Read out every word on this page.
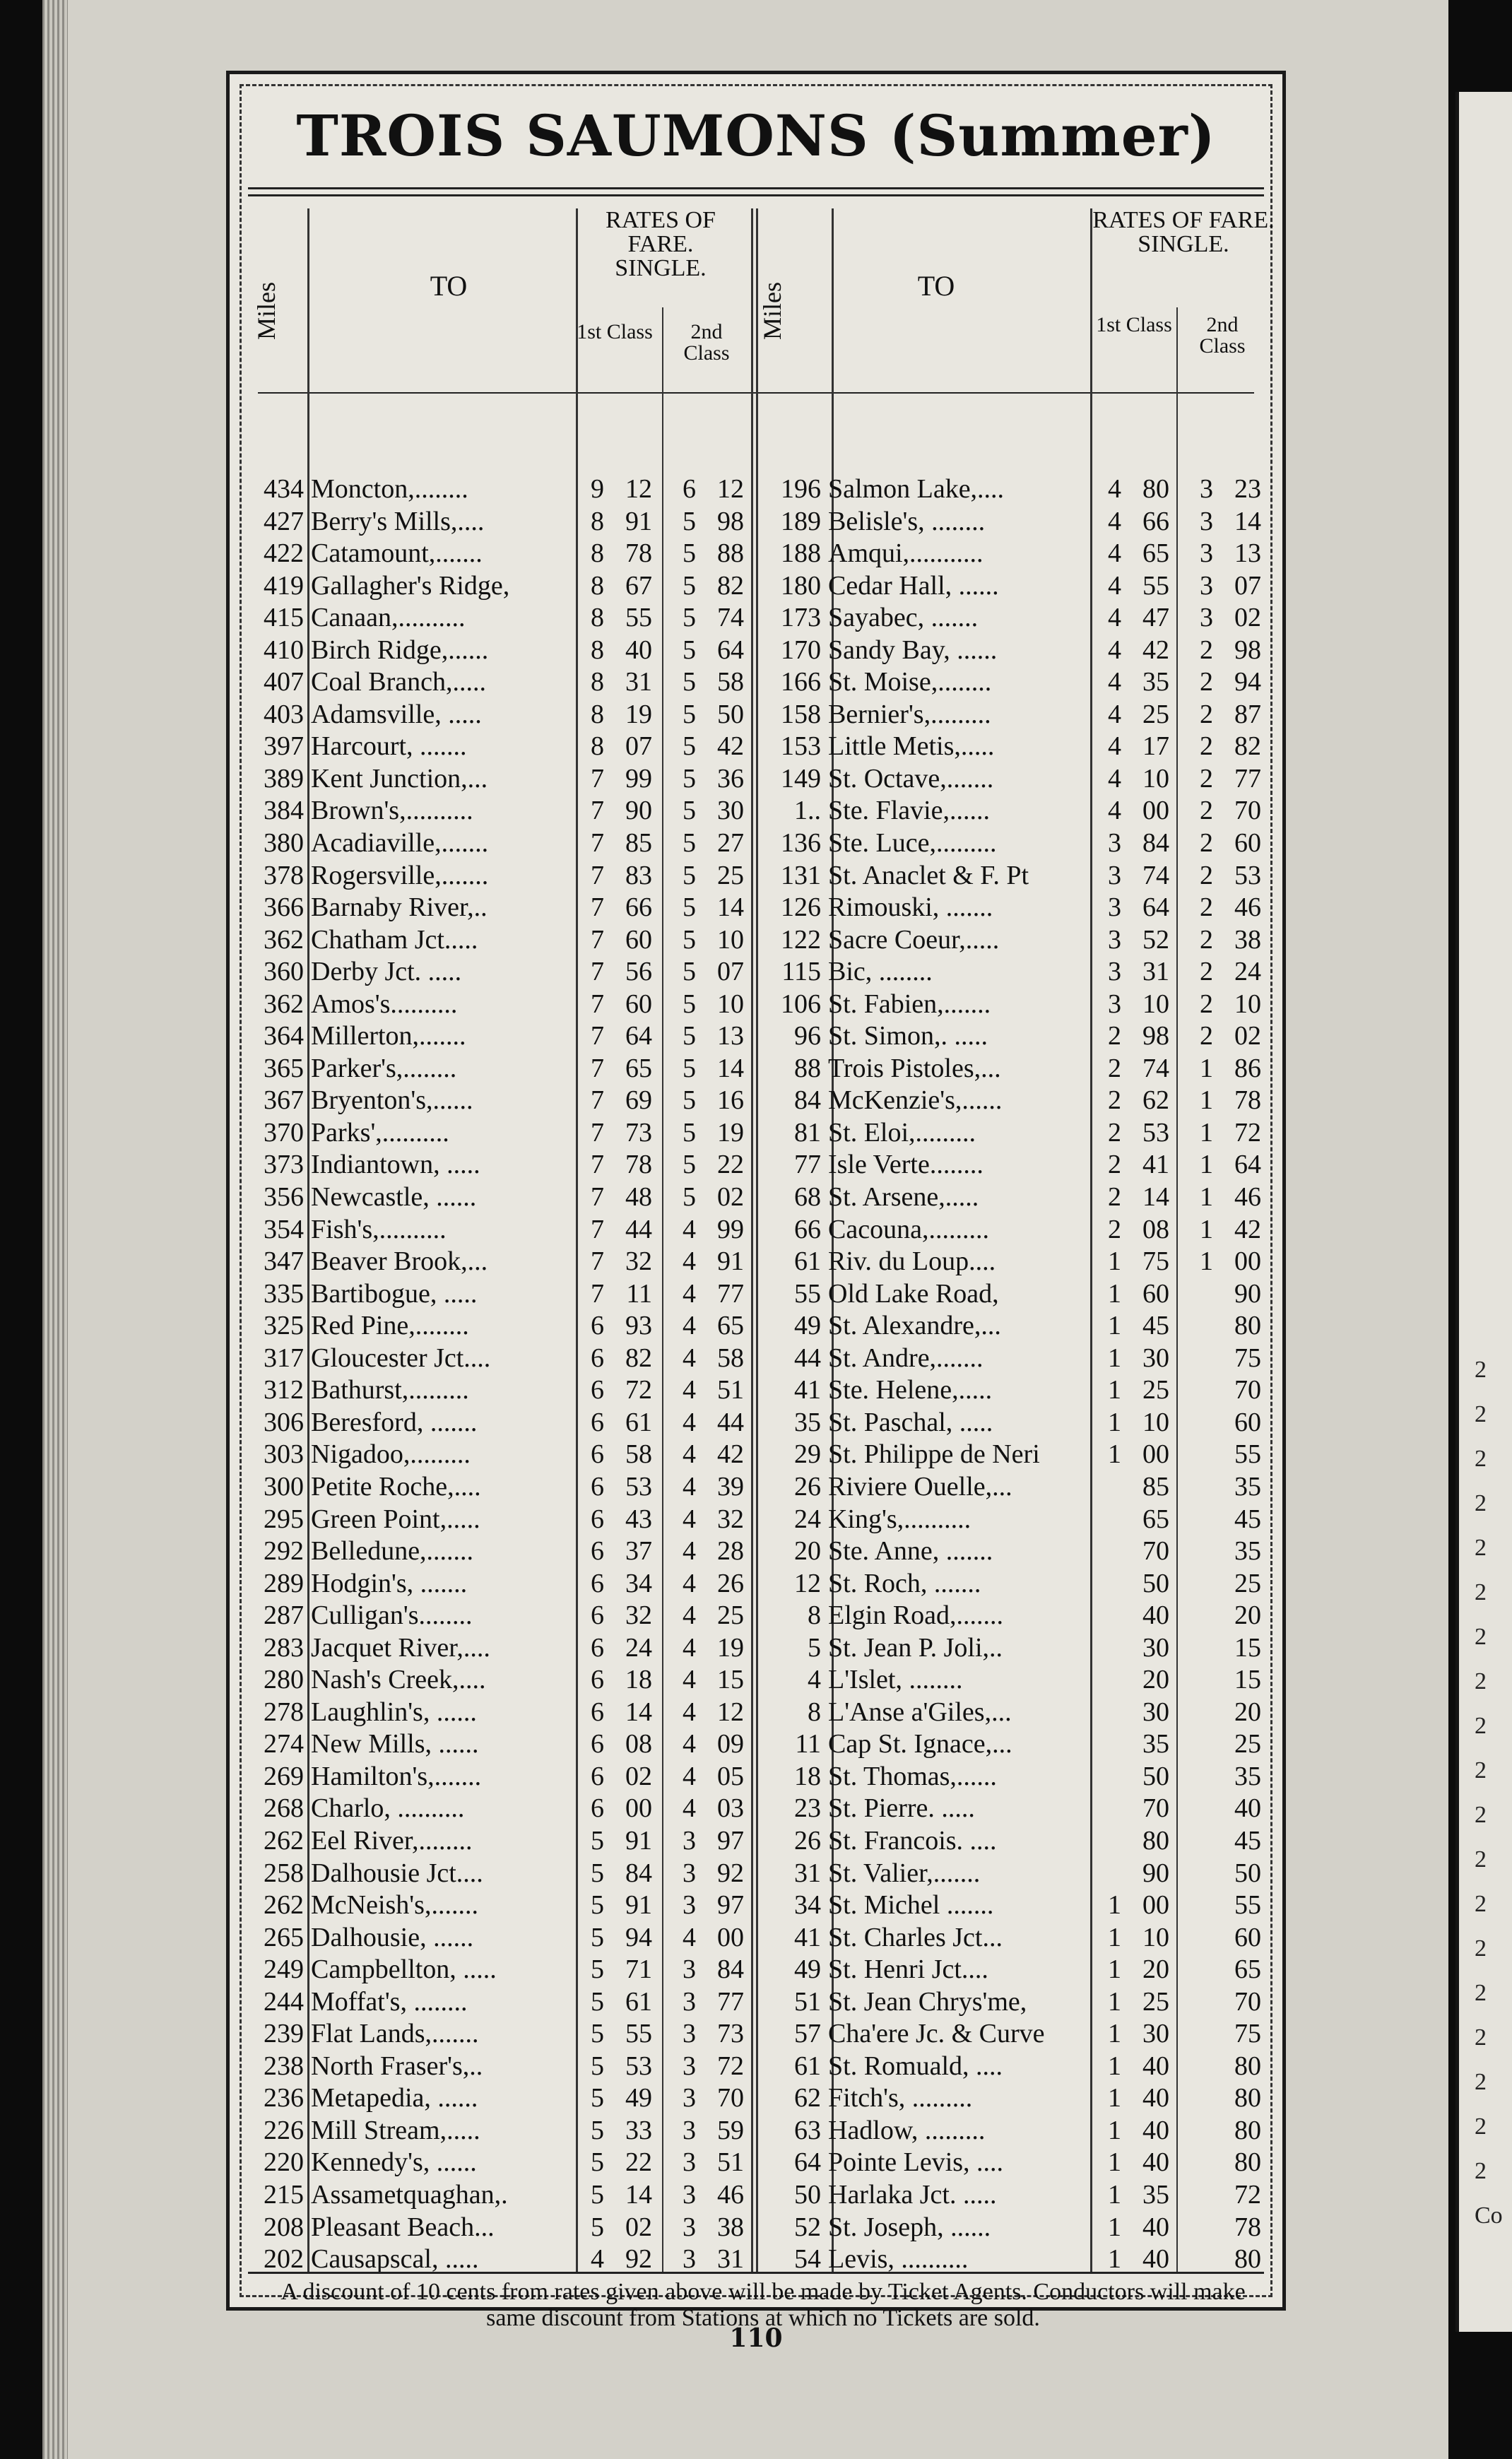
2
2
2
2
2
2
2
2
2
2
2
2
2
2
2
2
2
2
2
Co
TROIS SAUMONS (Summer)
Miles	TO
RATES OF FARE.
SINGLE.
1st Class	2nd Class
Miles	TO
RATES OF FARE.
SINGLE.
1st Class	2nd Class
434 Moncton,........	9 12	6 12
427 Berry's Mills,....	8 91	5 98
422 Catamount,.......	8 78	5 88
419 Gallagher's Ridge,	8 67	5 82
415 Canaan,..........	8 55	5 74
410 Birch Ridge,......	8 40	5 64
407 Coal Branch,.....	8 31	5 58
403 Adamsville, .....	8 19	5 50
397 Harcourt, .......	8 07	5 42
389 Kent Junction,...	7 99	5 36
384 Brown's,..........	7 90	5 30
380 Acadiaville,.......	7 85	5 27
378 Rogersville,.......	7 83	5 25
366 Barnaby River,..	7 66	5 14
362 Chatham Jct.....	7 60	5 10
360 Derby Jct. .....	7 56	5 07
362 Amos's..........	7 60	5 10
364 Millerton,.......	7 64	5 13
365 Parker's,........	7 65	5 14
367 Bryenton's,......	7 69	5 16
370 Parks',..........	7 73	5 19
373 Indiantown, .....	7 78	5 22
356 Newcastle, ......	7 48	5 02
354 Fish's,..........	7 44	4 99
347 Beaver Brook,...	7 32	4 91
335 Bartibogue, .....	7 11	4 77
325 Red Pine,........	6 93	4 65
317 Gloucester Jct....	6 82	4 58
312 Bathurst,.........	6 72	4 51
306 Beresford, .......	6 61	4 44
303 Nigadoo,.........	6 58	4 42
300 Petite Roche,....	6 53	4 39
295 Green Point,.....	6 43	4 32
292 Belledune,.......	6 37	4 28
289 Hodgin's, .......	6 34	4 26
287 Culligan's........	6 32	4 25
283 Jacquet River,....	6 24	4 19
280 Nash's Creek,....	6 18	4 15
278 Laughlin's, ......	6 14	4 12
274 New Mills, ......	6 08	4 09
269 Hamilton's,.......	6 02	4 05
268 Charlo, ..........	6 00	4 03
262 Eel River,........	5 91	3 97
258 Dalhousie Jct....	5 84	3 92
262 McNeish's,.......	5 91	3 97
265 Dalhousie, ......	5 94	4 00
249 Campbellton, .....	5 71	3 84
244 Moffat's, ........	5 61	3 77
239 Flat Lands,.......	5 55	3 73
238 North Fraser's,..	5 53	3 72
236 Metapedia, ......	5 49	3 70
226 Mill Stream,.....	5 33	3 59
220 Kennedy's, ......	5 22	3 51
215 Assametquaghan,.	5 14	3 46
208 Pleasant Beach...	5 02	3 38
202 Causapscal, .....	4 92	3 31
196 Salmon Lake,....	4 80	3 23
189 Belisle's, ........	4 66	3 14
188 Amqui,...........	4 65	3 13
180 Cedar Hall, ......	4 55	3 07
173 Sayabec, .......	4 47	3 02
170 Sandy Bay, ......	4 42	2 98
166 St. Moise,........	4 35	2 94
158 Bernier's,.........	4 25	2 87
153 Little Metis,.....	4 17	2 82
149 St. Octave,.......	4 10	2 77
1.. Ste. Flavie,......	4 00	2 70
136 Ste. Luce,.........	3 84	2 60
131 St. Anaclet & F. Pt	3 74	2 53
126 Rimouski, .......	3 64	2 46
122 Sacre Coeur,.....	3 52	2 38
115 Bic, ........	3 31	2 24
106 St. Fabien,.......	3 10	2 10
96 St. Simon,. .....	2 98	2 02
88 Trois Pistoles,...	2 74	1 86
84 McKenzie's,......	2 62	1 78
81 St. Eloi,.........	2 53	1 72
77 Isle Verte........	2 41	1 64
68 St. Arsene,.....	2 14	1 46
66 Cacouna,.........	2 08	1 42
61 Riv. du Loup....	1 75	1 00
55 Old Lake Road,	1 60	90
49 St. Alexandre,...	1 45	80
44 St. Andre,.......	1 30	75
41 Ste. Helene,.....	1 25	70
35 St. Paschal, .....	1 10	60
29 St. Philippe de Neri	1 00	55
26 Riviere Ouelle,...	85	35
24 King's,..........	65	45
20 Ste. Anne, .......	70	35
12 St. Roch, .......	50	25
8 Elgin Road,.......	40	20
5 St. Jean P. Joli,..	30	15
4 L'Islet, ........	20	15
8 L'Anse a'Giles,...	30	20
11 Cap St. Ignace,...	35	25
18 St. Thomas,......	50	35
23 St. Pierre. .....	70	40
26 St. Francois. ....	80	45
31 St. Valier,.......	90	50
34 St. Michel .......	1 00	55
41 St. Charles Jct...	1 10	60
49 St. Henri Jct....	1 20	65
51 St. Jean Chrys'me,	1 25	70
57 Cha'ere Jc. & Curve	1 30	75
61 St. Romuald, ....	1 40	80
62 Fitch's, .........	1 40	80
63 Hadlow, .........	1 40	80
64 Pointe Levis, ....	1 40	80
50 Harlaka Jct. .....	1 35	72
52 St. Joseph, ......	1 40	78
54 Levis, ..........	1 40	80
A discount of 10 cents from rates given above will be made by Ticket Agents. Conductors will make same discount from Stations at which no Tickets are sold.
110
